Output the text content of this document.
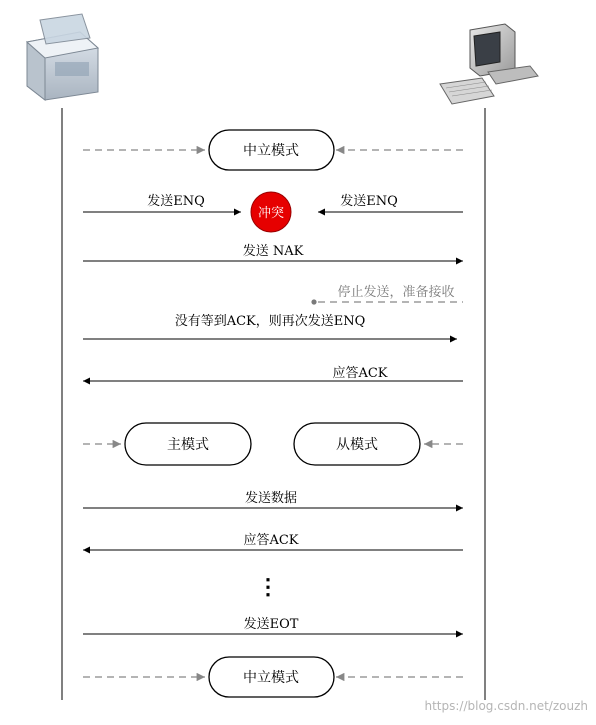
中立模式
发送ENQ	发送ENQ
冲突
发送 NAK
停止发送，准备接收
没有等到ACK，则再次发送ENQ
应答ACK
主模式	从模式
发送数据
应答ACK
⋮
发送EOT
中立模式
https://blog.csdn.net/zouzh
